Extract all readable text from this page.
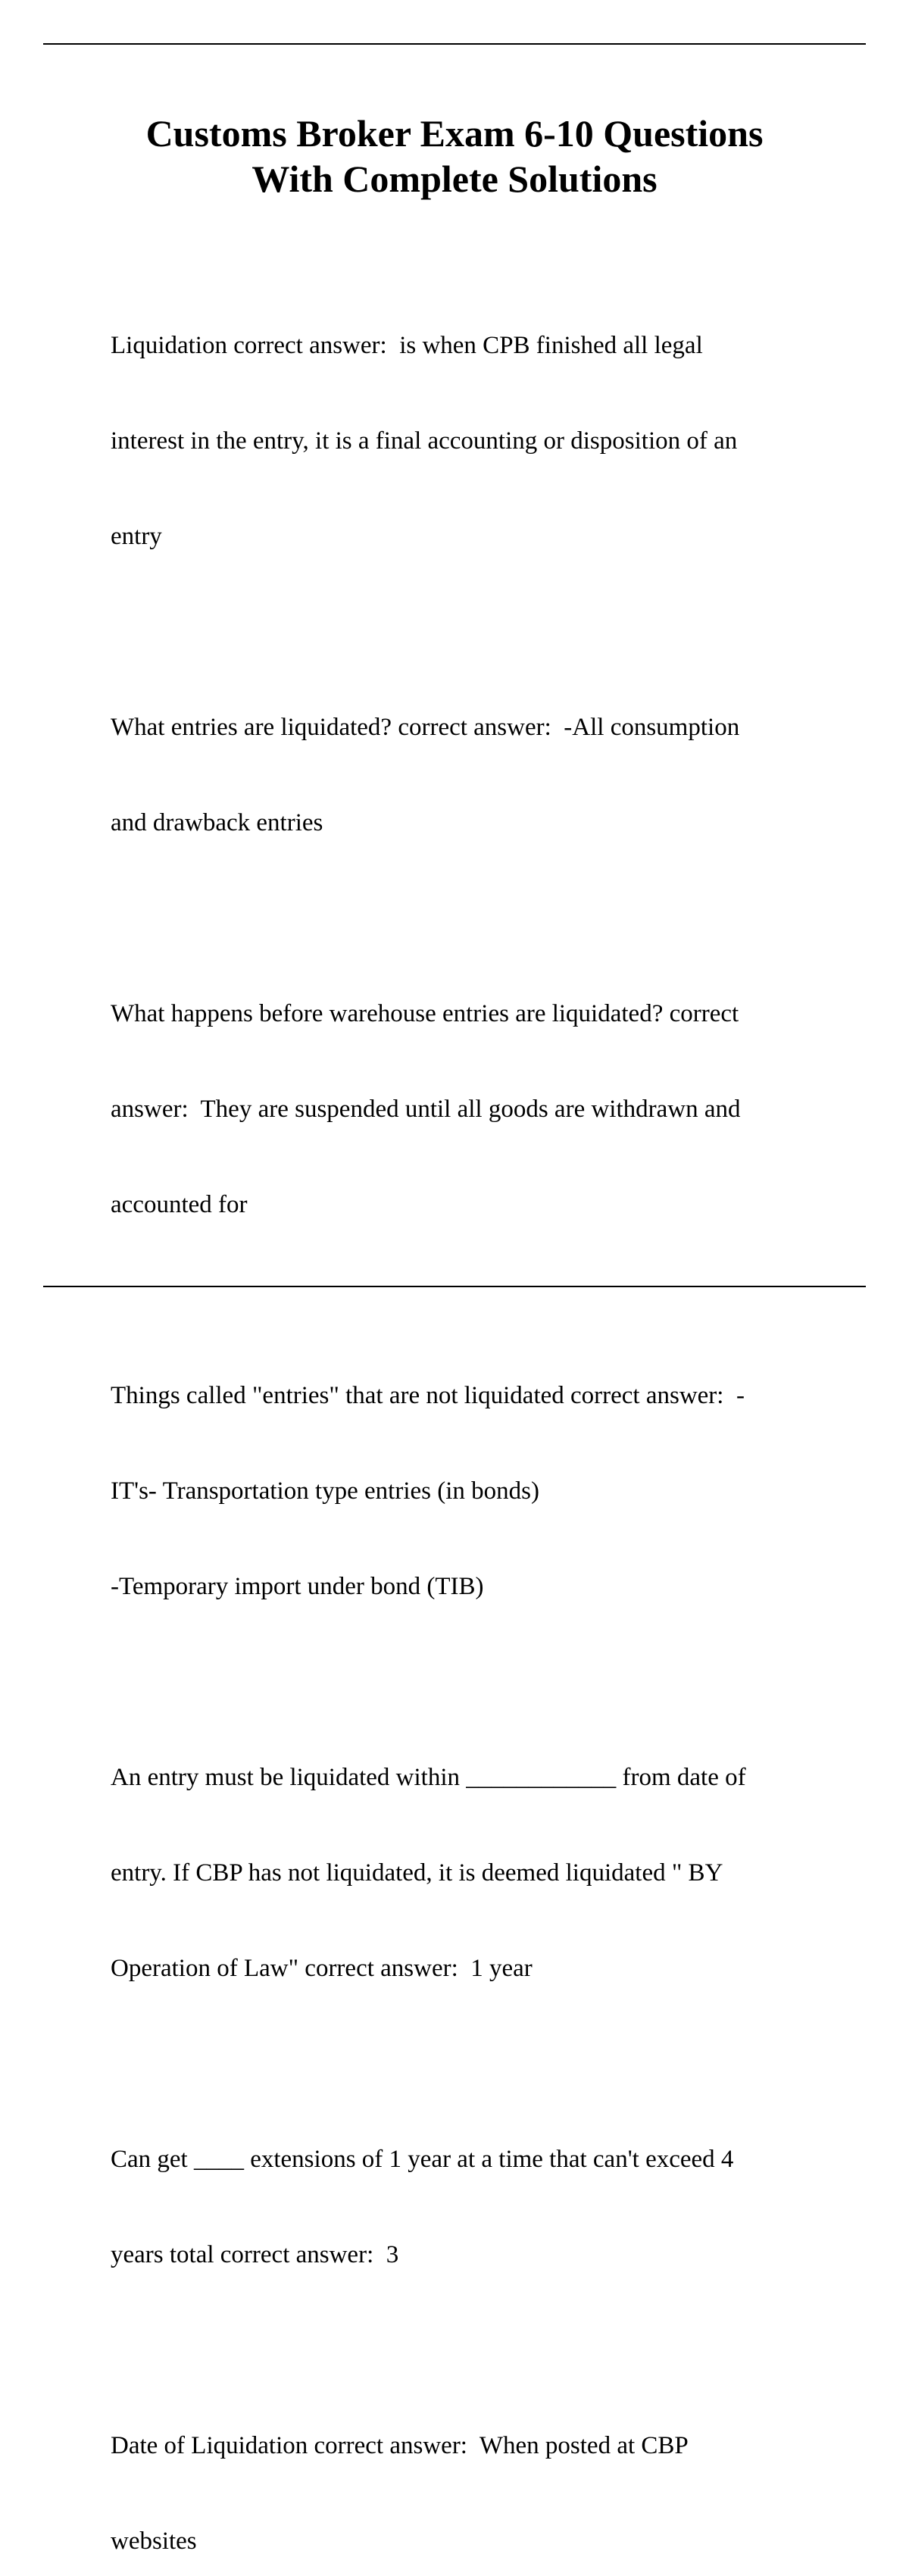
Customs Broker Exam 6-10 Questions
With Complete Solutions

Liquidation correct answer:  is when CPB finished all legal

interest in the entry, it is a final accounting or disposition of an

entry

What entries are liquidated? correct answer:  -All consumption

and drawback entries

What happens before warehouse entries are liquidated? correct

answer:  They are suspended until all goods are withdrawn and

accounted for

Things called "entries" that are not liquidated correct answer:  -

IT's- Transportation type entries (in bonds)

-Temporary import under bond (TIB)

An entry must be liquidated within ____________ from date of

entry. If CBP has not liquidated, it is deemed liquidated " BY

Operation of Law" correct answer:  1 year

Can get ____ extensions of 1 year at a time that can't exceed 4

years total correct answer:  3

Date of Liquidation correct answer:  When posted at CBP

websites
